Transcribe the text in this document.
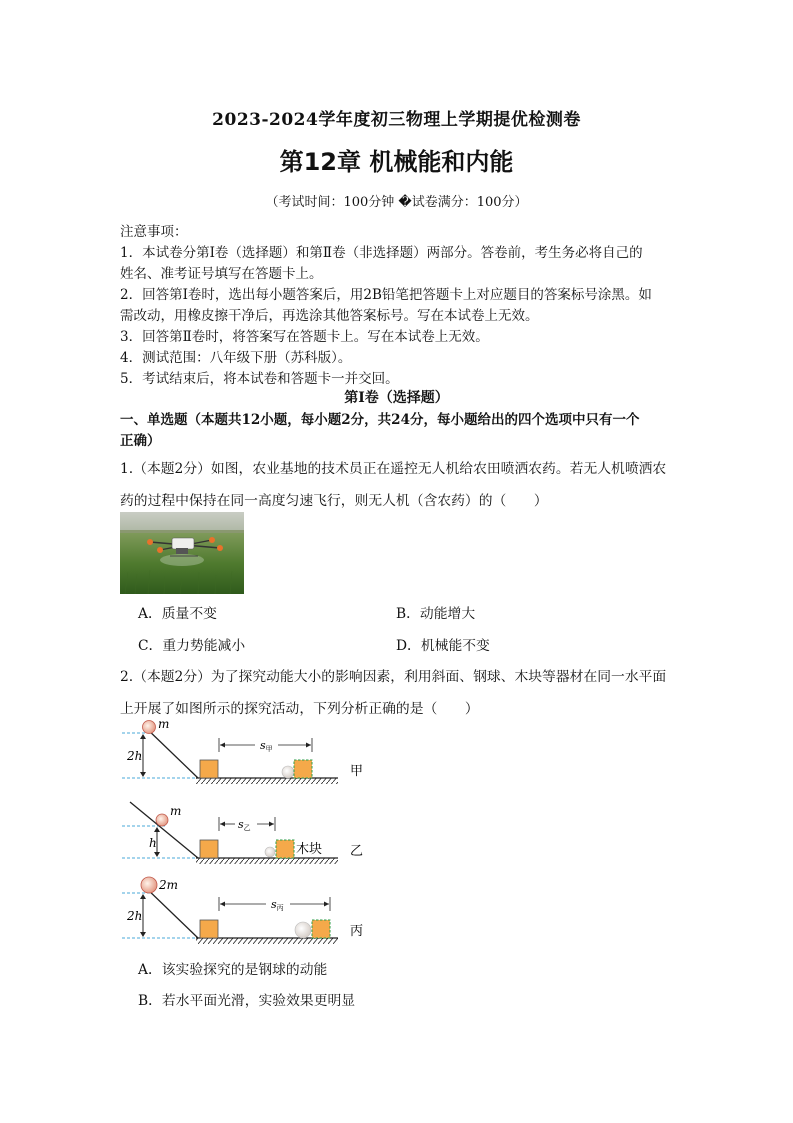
2023-2024学年度初三物理上学期提优检测卷
第12章 机械能和内能
（考试时间：100分钟 �试卷满分：100分）
注意事项：
1．本试卷分第Ⅰ卷（选择题）和第Ⅱ卷（非选择题）两部分。答卷前，考生务必将自己的
姓名、准考证号填写在答题卡上。
2．回答第Ⅰ卷时，选出每小题答案后，用2B铅笔把答题卡上对应题目的答案标号涂黑。如
需改动，用橡皮擦干净后，再选涂其他答案标号。写在本试卷上无效。
3．回答第Ⅱ卷时，将答案写在答题卡上。写在本试卷上无效。
4．测试范围：八年级下册（苏科版）。
5．考试结束后，将本试卷和答题卡一并交回。
第Ⅰ卷（选择题）
一、单选题（本题共12小题，每小题2分，共24分，每小题给出的四个选项中只有一个
正确）
1.（本题2分）如图，农业基地的技术员正在遥控无人机给农田喷洒农药。若无人机喷洒农
药的过程中保持在同一高度匀速飞行，则无人机（含农药）的（　　）
A．质量不变	B．动能增大
C．重力势能减小	D．机械能不变
2.（本题2分）为了探究动能大小的影响因素，利用斜面、钢球、木块等器材在同一水平面
上开展了如图所示的探究活动，下列分析正确的是（　　）
m
2h
s甲
甲
m
h
s乙
木块 乙
2m
2h
s丙
丙
A．该实验探究的是钢球的动能
B．若水平面光滑，实验效果更明显
